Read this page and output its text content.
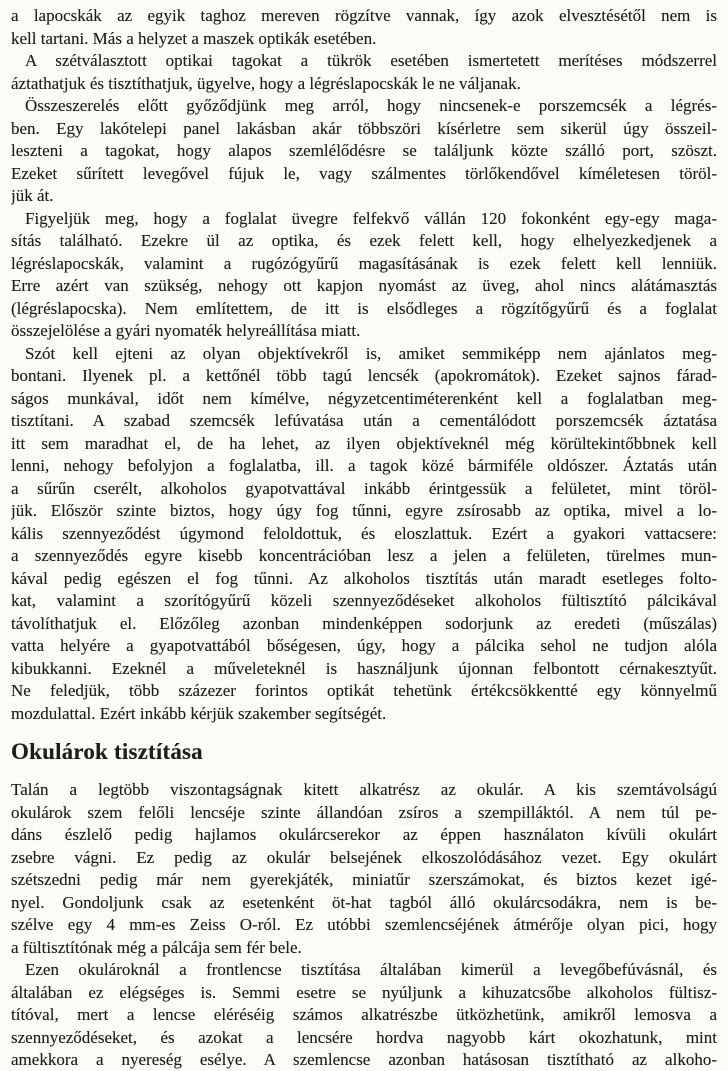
a lapocskák az egyik taghoz mereven rögzítve vannak, így azok elvesztésétől nem is
kell tartani. Más a helyzet a maszek optikák esetében.

A szétválasztott optikai tagokat a tükrök esetében ismertetett merítéses módszerrel
áztathatjuk és tisztíthatjuk, ügyelve, hogy a légréslapocskák le ne váljanak.

Összeszerelés előtt győződjünk meg arról, hogy nincsenek-e porszemcsék a légrés-
ben. Egy lakótelepi panel lakásban akár többszöri kísérletre sem sikerül úgy összeil-
leszteni a tagokat, hogy alapos szemlélődésre se találjunk közte szálló port, szöszt.
Ezeket sűrített levegővel fújuk le, vagy szálmentes törlőkendővel kíméletesen töröl-
jük át.

Figyeljük meg, hogy a foglalat üvegre felfekvő vállán 120 fokonként egy-egy maga-
sítás található. Ezekre ül az optika, és ezek felett kell, hogy elhelyezkedjenek a
légréslapocskák, valamint a rugózógyűrű magasításának is ezek felett kell lenniük.
Erre azért van szükség, nehogy ott kapjon nyomást az üveg, ahol nincs alátámasztás
(légréslapocska). Nem említettem, de itt is elsődleges a rögzítőgyűrű és a foglalat
összejelölése a gyári nyomaték helyreállítása miatt.

Szót kell ejteni az olyan objektívekről is, amiket semmiképp nem ajánlatos meg-
bontani. Ilyenek pl. a kettőnél több tagú lencsék (apokromátok). Ezeket sajnos fárad-
ságos munkával, időt nem kímélve, négyzetcentiméterenként kell a foglalatban meg-
tisztítani. A szabad szemcsék lefúvatása után a cementálódott porszemcsék áztatása
itt sem maradhat el, de ha lehet, az ilyen objektíveknél még körültekintőbbnek kell
lenni, nehogy befolyjon a foglalatba, ill. a tagok közé bármiféle oldószer. Áztatás után
a sűrűn cserélt, alkoholos gyapotvattával inkább érintgessük a felületet, mint töröl-
jük. Először szinte biztos, hogy úgy fog tűnni, egyre zsírosabb az optika, mivel a lo-
kális szennyeződést úgymond feloldottuk, és eloszlattuk. Ezért a gyakori vattacsere:
a szennyeződés egyre kisebb koncentrációban lesz a jelen a felületen, türelmes mun-
kával pedig egészen el fog tűnni. Az alkoholos tisztítás után maradt esetleges folto-
kat, valamint a szorítógyűrű közeli szennyeződéseket alkoholos fültisztító pálcikával
távolíthatjuk el. Előzőleg azonban mindenképpen sodorjunk az eredeti (műszálas)
vatta helyére a gyapotvattából bőségesen, úgy, hogy a pálcika sehol ne tudjon alóla
kibukkanni. Ezeknél a műveleteknél is használjunk újonnan felbontott cérnakesztyűt.
Ne feledjük, több százezer forintos optikát tehetünk értékcsökkentté egy könnyelmű
mozdulattal. Ezért inkább kérjük szakember segítségét.

Okulárok tisztítása

Talán a legtöbb viszontagságnak kitett alkatrész az okulár. A kis szemtávolságú
okulárok szem felőli lencséje szinte állandóan zsíros a szempilláktól. A nem túl pe-
dáns észlelő pedig hajlamos okulárcserekor az éppen használaton kívüli okulárt
zsebre vágni. Ez pedig az okulár belsejének elkoszolódásához vezet. Egy okulárt
szétszedni pedig már nem gyerekjáték, miniatűr szerszámokat, és biztos kezet igé-
nyel. Gondoljunk csak az esetenként öt-hat tagból álló okulárcsodákra, nem is be-
szélve egy 4 mm-es Zeiss O-ról. Ez utóbbi szemlencséjének átmérője olyan pici, hogy
a fültisztítónak még a pálcája sem fér bele.

Ezen okulároknál a frontlencse tisztítása általában kimerül a levegőbefúvásnál, és
általában ez elégséges is. Semmi esetre se nyúljunk a kihuzatcsőbe alkoholos fültisz-
títóval, mert a lencse eléréséig számos alkatrészbe ütközhetünk, amikről lemosva a
szennyeződéseket, és azokat a lencsére hordva nagyobb kárt okozhatunk, mint
amekkora a nyereség esélye. A szemlencse azonban hatásosan tisztítható az alkoho-
